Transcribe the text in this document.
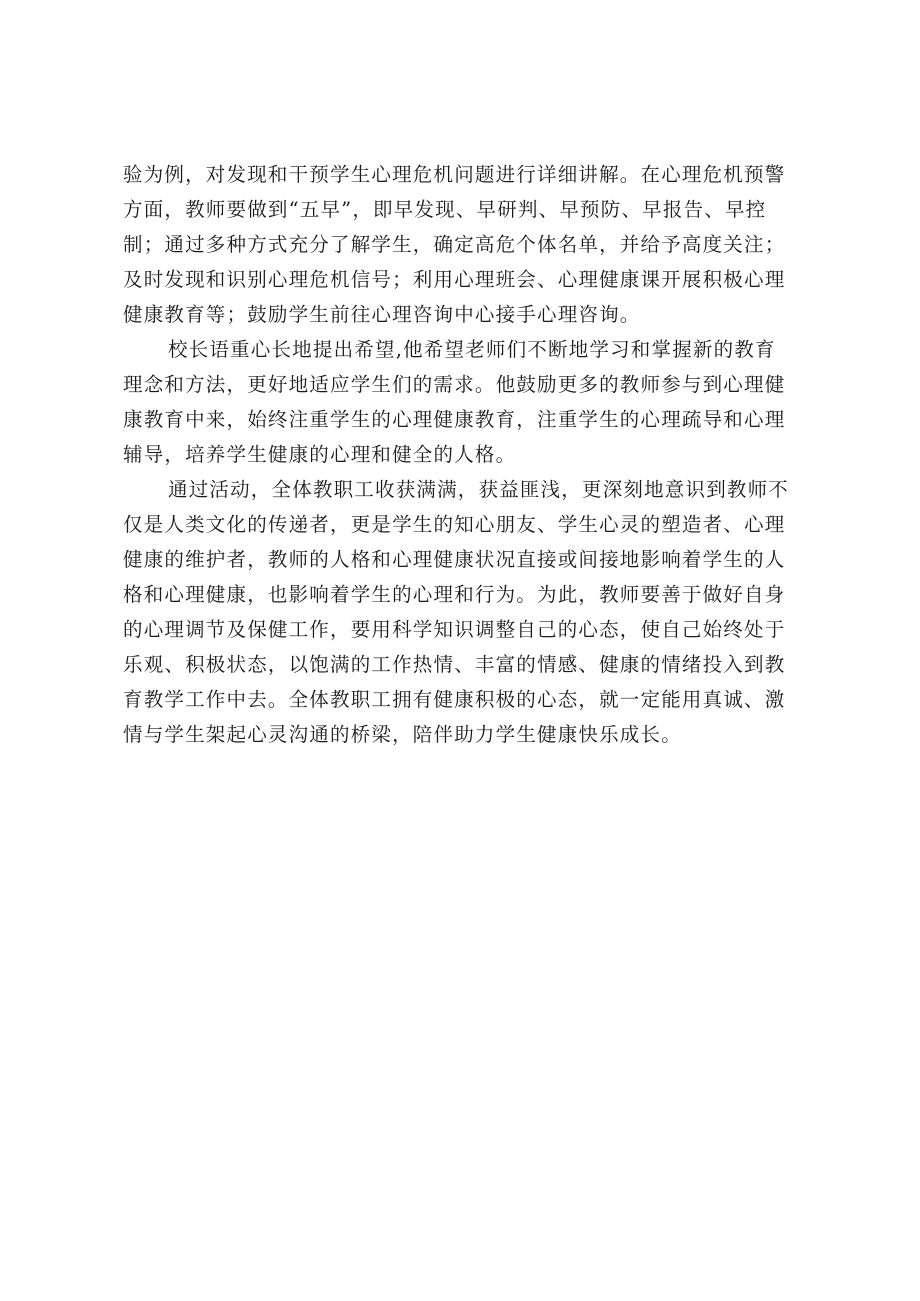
验为例，对发现和干预学生心理危机问题进行详细讲解。在心理危机预警
方面，教师要做到“五早”，即早发现、早研判、早预防、早报告、早控
制；通过多种方式充分了解学生，确定高危个体名单，并给予高度关注；
及时发现和识别心理危机信号；利用心理班会、心理健康课开展积极心理
健康教育等；鼓励学生前往心理咨询中心接手心理咨询。

校长语重心长地提出希望,他希望老师们不断地学习和掌握新的教育
理念和方法，更好地适应学生们的需求。他鼓励更多的教师参与到心理健
康教育中来，始终注重学生的心理健康教育，注重学生的心理疏导和心理
辅导，培养学生健康的心理和健全的人格。

通过活动，全体教职工收获满满，获益匪浅，更深刻地意识到教师不
仅是人类文化的传递者，更是学生的知心朋友、学生心灵的塑造者、心理
健康的维护者，教师的人格和心理健康状况直接或间接地影响着学生的人
格和心理健康，也影响着学生的心理和行为。为此，教师要善于做好自身
的心理调节及保健工作，要用科学知识调整自己的心态，使自己始终处于
乐观、积极状态，以饱满的工作热情、丰富的情感、健康的情绪投入到教
育教学工作中去。全体教职工拥有健康积极的心态，就一定能用真诚、激
情与学生架起心灵沟通的桥梁，陪伴助力学生健康快乐成长。
